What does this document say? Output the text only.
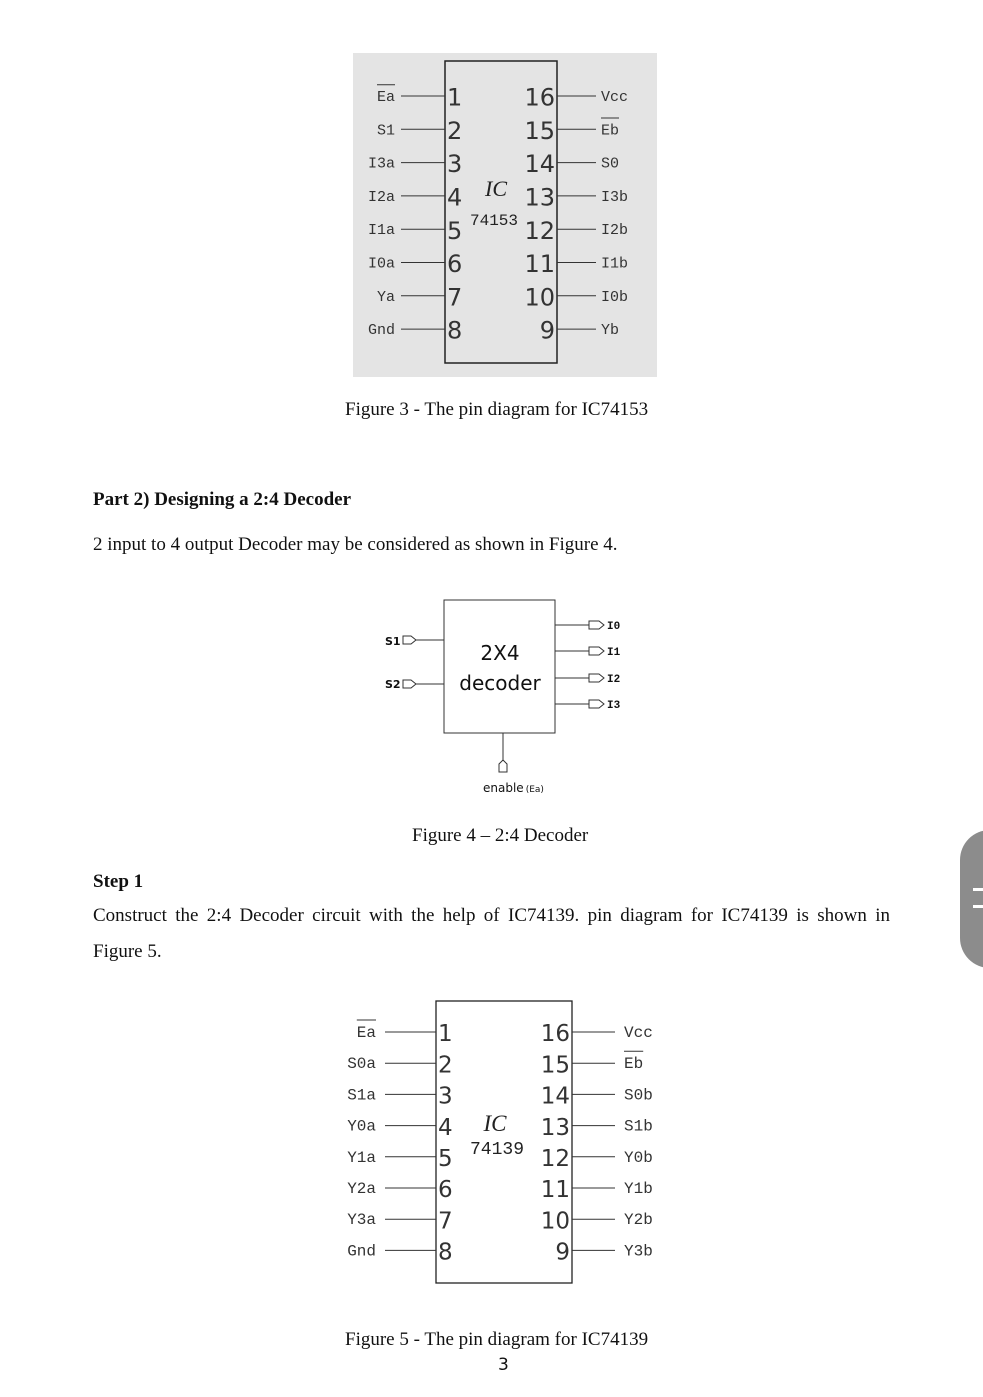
IC
74153
Ea 1
S1 2
I3a 3
I2a 4
I1a 5
I0a 6
Ya 7
Gnd 8
16	Vcc
15	Eb
14	S0
13	I3b
12	I2b
11	I1b
10	I0b
9	Yb
Figure 3 - The pin diagram for IC74153
Part 2) Designing a 2:4 Decoder
2 input to 4 output Decoder may be considered as shown in Figure 4.
2X4
decoder
S1
S2
I0
I1
I2
I3
enable (Ea)
Figure 4 – 2:4 Decoder
Step 1
Construct the 2:4 Decoder circuit with the help of IC74139. pin diagram for IC74139 is shown in
Figure 5.
IC
74139
Ea	1
S0a	2
S1a	3
Y0a	4
Y1a	5
Y2a	6
Y3a	7
Gnd	8
16	Vcc
15	Eb
14	S0b
13	S1b
12	Y0b
11	Y1b
10	Y2b
9	Y3b
Figure 5 - The pin diagram for IC74139
3
